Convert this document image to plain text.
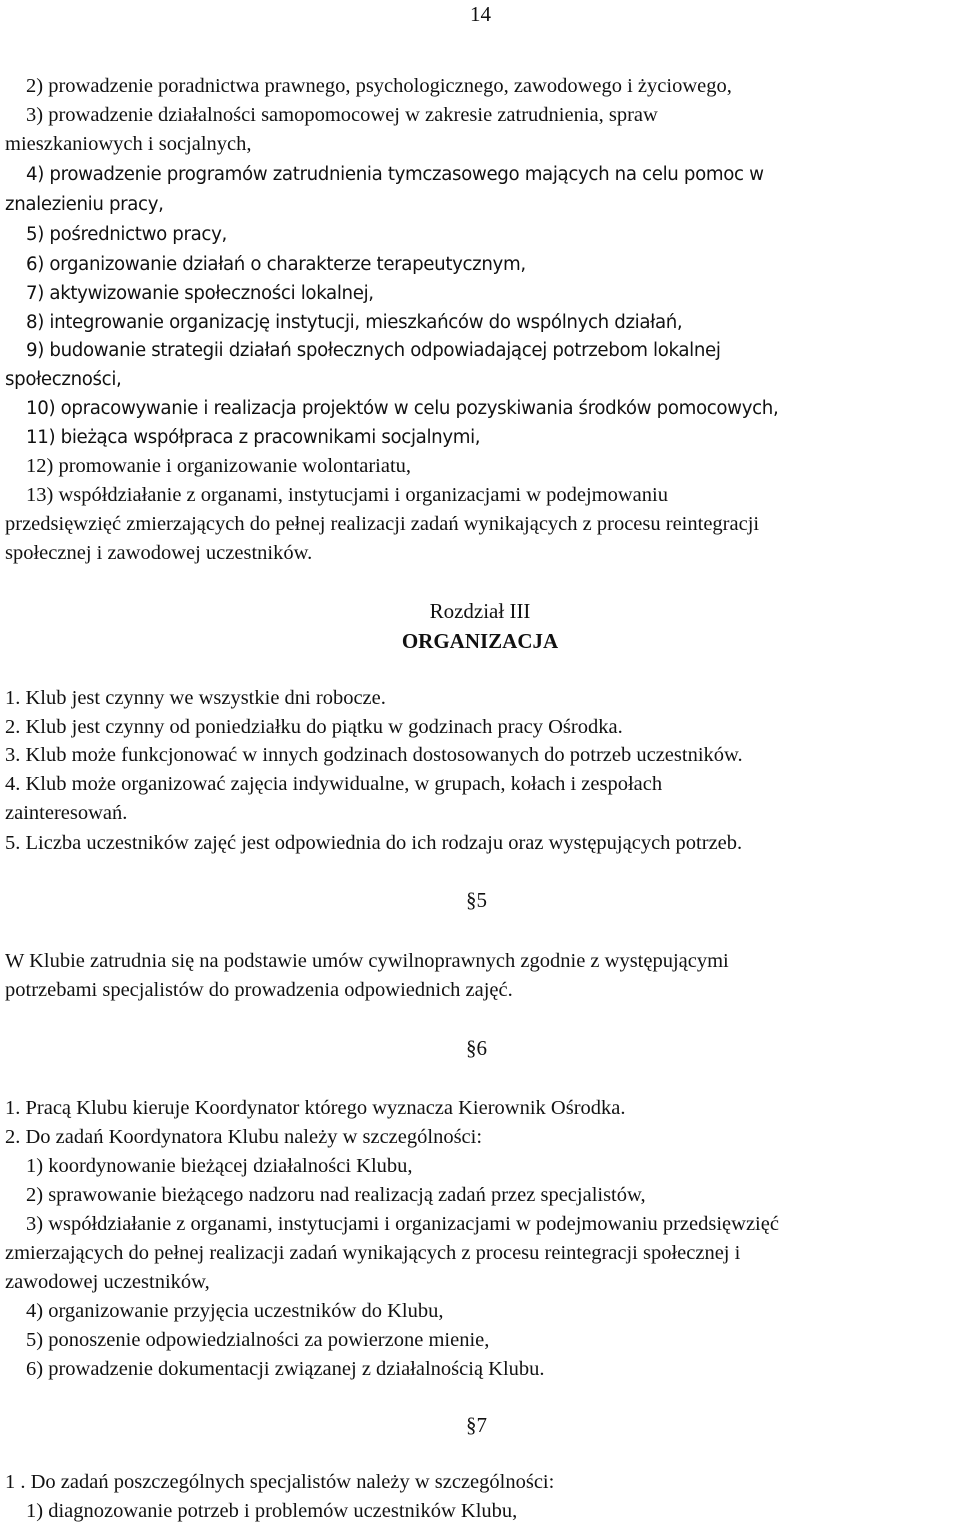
14
2) prowadzenie poradnictwa prawnego, psychologicznego, zawodowego i życiowego,
3) prowadzenie działalności samopomocowej w zakresie zatrudnienia, spraw
mieszkaniowych i socjalnych,
4) prowadzenie programów zatrudnienia tymczasowego mających na celu pomoc w
znalezieniu pracy,
5) pośrednictwo pracy,
6) organizowanie działań o charakterze terapeutycznym,
7) aktywizowanie społeczności lokalnej,
8) integrowanie organizację instytucji, mieszkańców do wspólnych działań,
9) budowanie strategii działań społecznych odpowiadającej potrzebom lokalnej
społeczności,
10) opracowywanie i realizacja projektów w celu pozyskiwania środków pomocowych,
11) bieżąca współpraca z pracownikami socjalnymi,
12) promowanie i organizowanie wolontariatu,
13) współdziałanie z organami, instytucjami i organizacjami w podejmowaniu
przedsięwzięć zmierzających do pełnej realizacji zadań wynikających z procesu reintegracji
społecznej i zawodowej uczestników.
Rozdział III
ORGANIZACJA
1. Klub jest czynny we wszystkie dni robocze.
2. Klub jest czynny od poniedziałku do piątku w godzinach pracy Ośrodka.
3. Klub może funkcjonować w innych godzinach dostosowanych do potrzeb uczestników.
4. Klub może organizować zajęcia indywidualne, w grupach, kołach i zespołach
zainteresowań.
5. Liczba uczestników zajęć jest odpowiednia do ich rodzaju oraz występujących potrzeb.
§5
W Klubie zatrudnia się na podstawie umów cywilnoprawnych zgodnie z występującymi
potrzebami specjalistów do prowadzenia odpowiednich zajęć.
§6
1. Pracą Klubu kieruje Koordynator którego wyznacza Kierownik Ośrodka.
2. Do zadań Koordynatora Klubu należy w szczególności:
1) koordynowanie bieżącej działalności Klubu,
2) sprawowanie bieżącego nadzoru nad realizacją zadań przez specjalistów,
3) współdziałanie z organami, instytucjami i organizacjami w podejmowaniu przedsięwzięć
zmierzających do pełnej realizacji zadań wynikających z procesu reintegracji społecznej i
zawodowej uczestników,
4) organizowanie przyjęcia uczestników do Klubu,
5) ponoszenie odpowiedzialności za powierzone mienie,
6) prowadzenie dokumentacji związanej z działalnością Klubu.
§7
1 . Do zadań poszczególnych specjalistów należy w szczególności:
1) diagnozowanie potrzeb i problemów uczestników Klubu,
